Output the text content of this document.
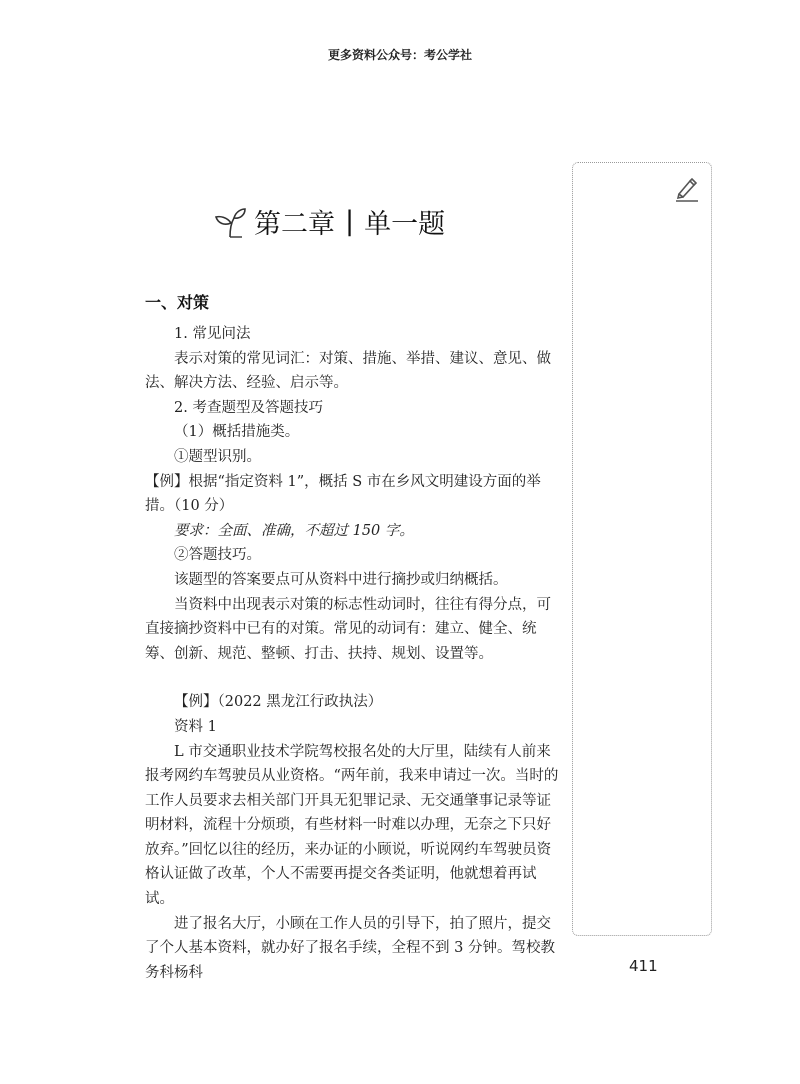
更多资料公众号：考公学社
第二章 | 单一题
一、对策

1. 常见问法

表示对策的常见词汇：对策、措施、举措、建议、意见、做法、解决方法、经验、启示等。

2. 考查题型及答题技巧

（1）概括措施类。

①题型识别。

【例】根据“指定资料 1”，概括 S 市在乡风文明建设方面的举措。（10 分）

要求：全面、准确，不超过 150 字。

②答题技巧。

该题型的答案要点可从资料中进行摘抄或归纳概括。

当资料中出现表示对策的标志性动词时，往往有得分点，可直接摘抄资料中已有的对策。常见的动词有：建立、健全、统筹、创新、规范、整顿、打击、扶持、规划、设置等。

【例】（2022 黑龙江行政执法）

资料 1

L 市交通职业技术学院驾校报名处的大厅里，陆续有人前来报考网约车驾驶员从业资格。“两年前，我来申请过一次。当时的工作人员要求去相关部门开具无犯罪记录、无交通肇事记录等证明材料，流程十分烦琐，有些材料一时难以办理，无奈之下只好放弃。”回忆以往的经历，来办证的小顾说，听说网约车驾驶员资格认证做了改革，个人不需要再提交各类证明，他就想着再试试。

进了报名大厅，小顾在工作人员的引导下，拍了照片，提交了个人基本资料，就办好了报名手续，全程不到 3 分钟。驾校教务科杨科	411
